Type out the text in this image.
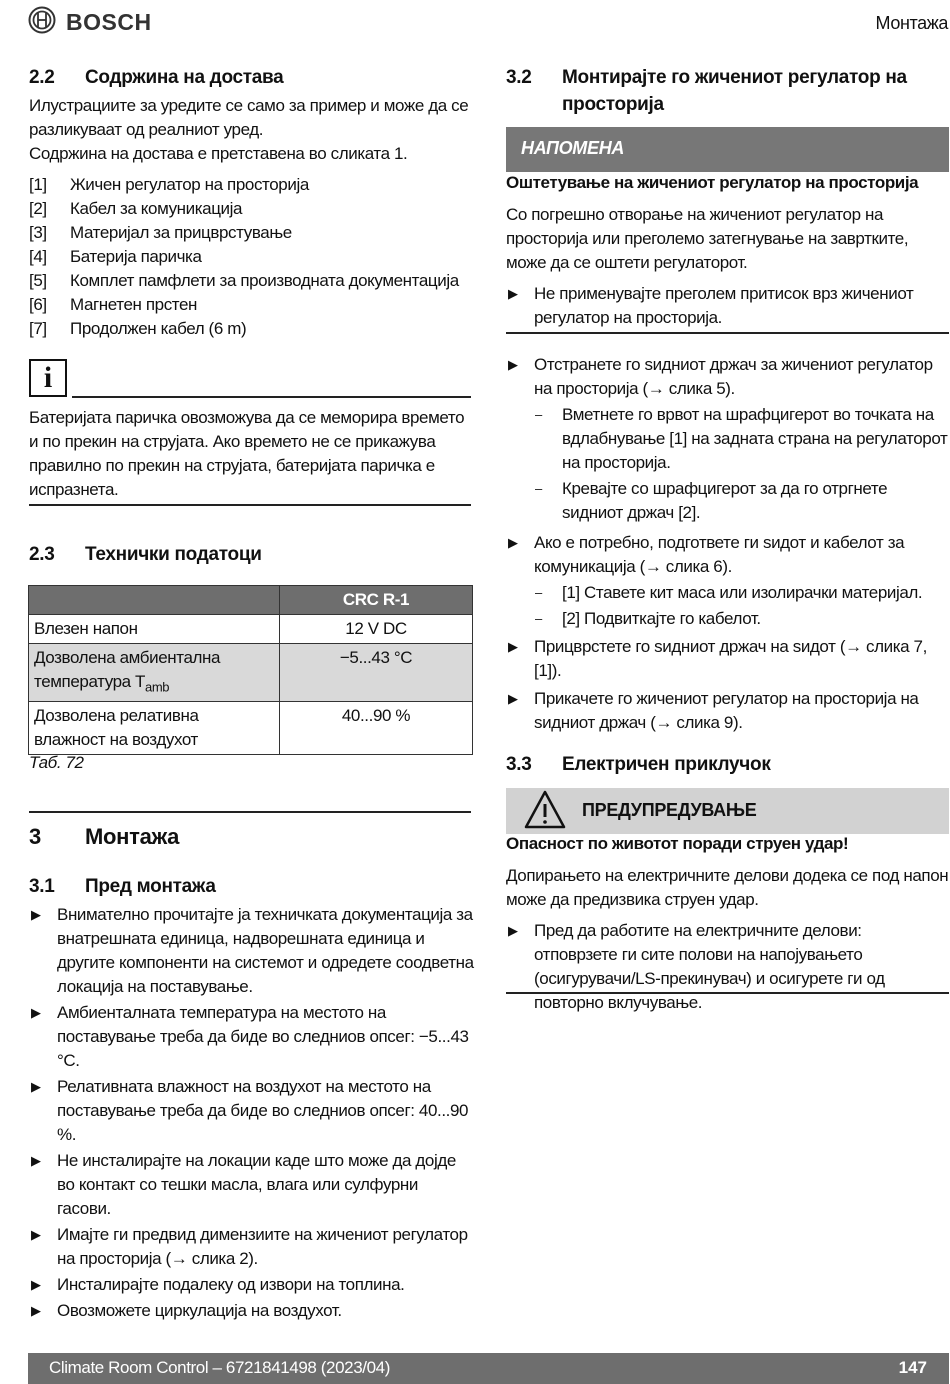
BOSCH	Монтажа
2.2 Содржина на достава
Илустрациите за уредите се само за пример и може да се разликуваат од реалниот уред.
Содржина на достава е претставена во сликата 1.
[1]	Жичен регулатор на просторија
[2]	Кабел за комуникација
[3]	Материјал за прицврстување
[4]	Батерија паричка
[5]	Комплет памфлети за производната документација
[6]	Магнетен прстен
[7]	Продолжен кабел (6 m)
i
Батеријата паричка овозможува да се меморира времето и по прекин на струјата. Ако времето не се прикажува правилно по прекин на струјата, батеријата паричка е испразнета.
2.3 Технички податоци
	CRC R-1
Влезен напон	12 V DC
Дозволена амбиентална температура $T_{amb}$	−5...43 °C
Дозволена релативна влажност на воздухот	40...90 %
Таб. 72
3 Монтажа
3.1 Пред монтажа
▶ Внимателно прочитајте ја техничката документација за внатрешната единица, надворешната единица и другите компоненти на системот и одредете соодветна локација на поставување.
▶ Амбиенталната температура на местото на поставување треба да биде во следниов опсег: −5...43 °C.
▶ Релативната влажност на воздухот на местото на поставување треба да биде во следниов опсег: 40...90 %.
▶ Не инсталирајте на локации каде што може да дојде во контакт со тешки масла, влага или сулфурни гасови.
▶ Имајте ги предвид димензиите на жичениот регулатор на просторија (→ слика 2).
▶ Инсталирајте подалеку од извори на топлина.
▶ Овозможете циркулација на воздухот.
3.2	Монтирајте го жичениот регулатор на просторија
НАПОМЕНА
Оштетување на жичениот регулатор на просторија
Со погрешно отворање на жичениот регулатор на просторија или преголемо затегнување на завртките, може да се оштети регулаторот.
▶ Не применувајте преголем притисок врз жичениот регулатор на просторија.
▶ Отстранете го ѕидниот држач за жичениот регулатор на просторија (→ слика 5).
– Вметнете го врвот на шрафцигерот во точката на вдлабнување [1] на задната страна на регулаторот на просторија.
– Кревајте со шрафцигерот за да го отргнете ѕидниот држач [2].
▶ Ако е потребно, подгответе ги ѕидот и кабелот за комуникација (→ слика 6).
– [1] Ставете кит маса или изолирачки материјал.
– [2] Подвиткајте го кабелот.
▶ Прицврстете го ѕидниот држач на ѕидот (→ слика 7, [1]).
▶ Прикачете го жичениот регулатор на просторија на ѕидниот држач (→ слика 9).
3.3 Електричен приклучок
ПРЕДУПРЕДУВАЊЕ
Опасност по животот поради струен удар!
Допирањето на електричните делови додека се под напон може да предизвика струен удар.
▶ Пред да работите на електричните делови: отповрзете ги сите полови на напојувањето (осигурувачи/LS-прекинувач) и осигурете ги од повторно вклучување.
Climate Room Control – 6721841498 (2023/04)	147
